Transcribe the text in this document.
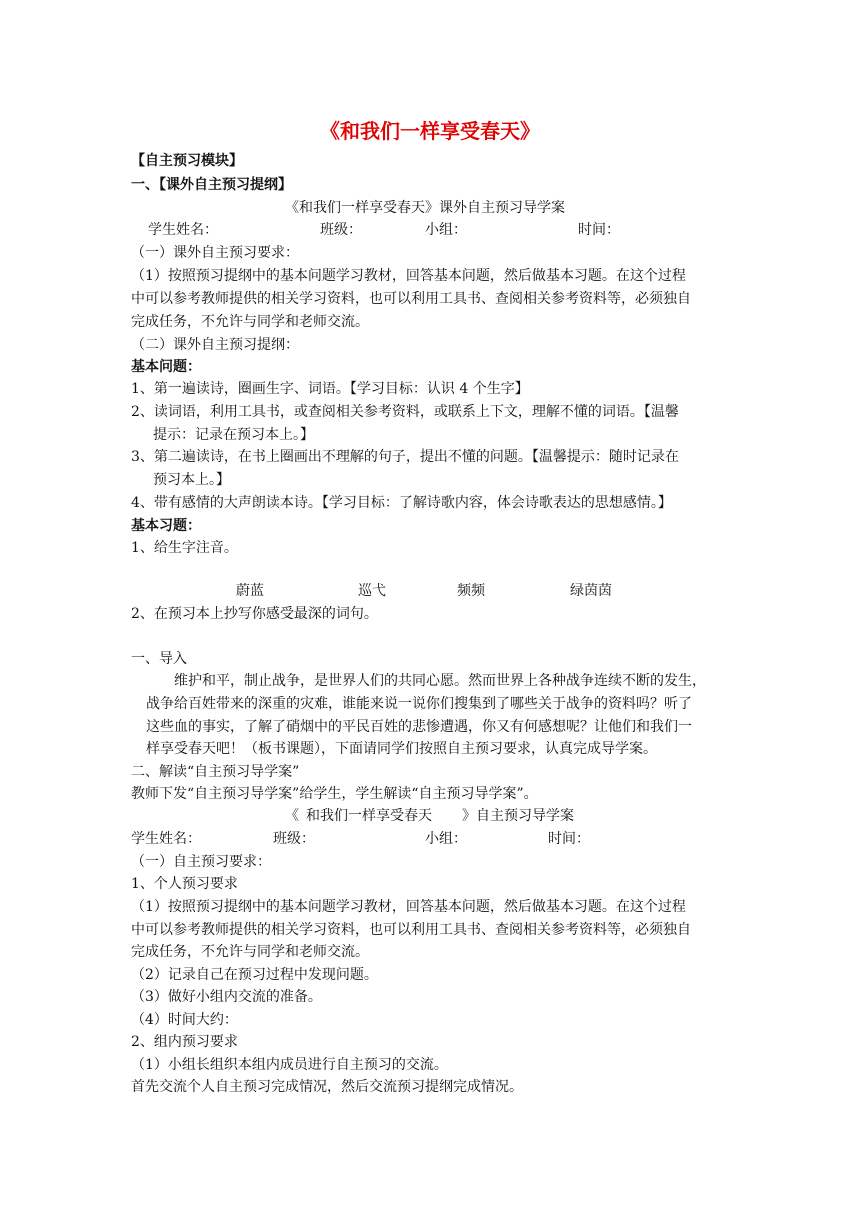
《和我们一样享受春天》
【自主预习模块】
一、【课外自主预习提纲】
《和我们一样享受春天》课外自主预习导学案
学生姓名：	班级：	小组：	时间：
（一）课外自主预习要求：
（1）按照预习提纲中的基本问题学习教材，回答基本问题，然后做基本习题。在这个过程
中可以参考教师提供的相关学习资料，也可以利用工具书、查阅相关参考资料等，必须独自
完成任务，不允许与同学和老师交流。
（二）课外自主预习提纲：
基本问题：
1、第一遍读诗，圈画生字、词语。【学习目标：认识 4 个生字】
2、读词语，利用工具书，或查阅相关参考资料，或联系上下文，理解不懂的词语。【温馨
提示：记录在预习本上。】
3、第二遍读诗，在书上圈画出不理解的句子，提出不懂的问题。【温馨提示：随时记录在
预习本上。】
4、带有感情的大声朗读本诗。【学习目标：了解诗歌内容，体会诗歌表达的思想感情。】
基本习题：
1、给生字注音。
蔚蓝	巡弋	频频	绿茵茵
2、在预习本上抄写你感受最深的词句。
一、导入
维护和平，制止战争，是世界人们的共同心愿。然而世界上各种战争连续不断的发生，
战争给百姓带来的深重的灾难，谁能来说一说你们搜集到了哪些关于战争的资料吗？听了
这些血的事实，了解了硝烟中的平民百姓的悲惨遭遇，你又有何感想呢？让他们和我们一
样享受春天吧！（板书课题），下面请同学们按照自主预习要求，认真完成导学案。
二、解读“自主预习导学案”
教师下发“自主预习导学案”给学生，学生解读“自主预习导学案”。
《 和我们一样享受春天 》自主预习导学案
学生姓名：	班级：	小组：	时间：
（一）自主预习要求：
1、个人预习要求
（1）按照预习提纲中的基本问题学习教材，回答基本问题，然后做基本习题。在这个过程
中可以参考教师提供的相关学习资料，也可以利用工具书、查阅相关参考资料等，必须独自
完成任务，不允许与同学和老师交流。
（2）记录自己在预习过程中发现问题。
（3）做好小组内交流的准备。
（4）时间大约：
2、组内预习要求
（1）小组长组织本组内成员进行自主预习的交流。
首先交流个人自主预习完成情况，然后交流预习提纲完成情况。
